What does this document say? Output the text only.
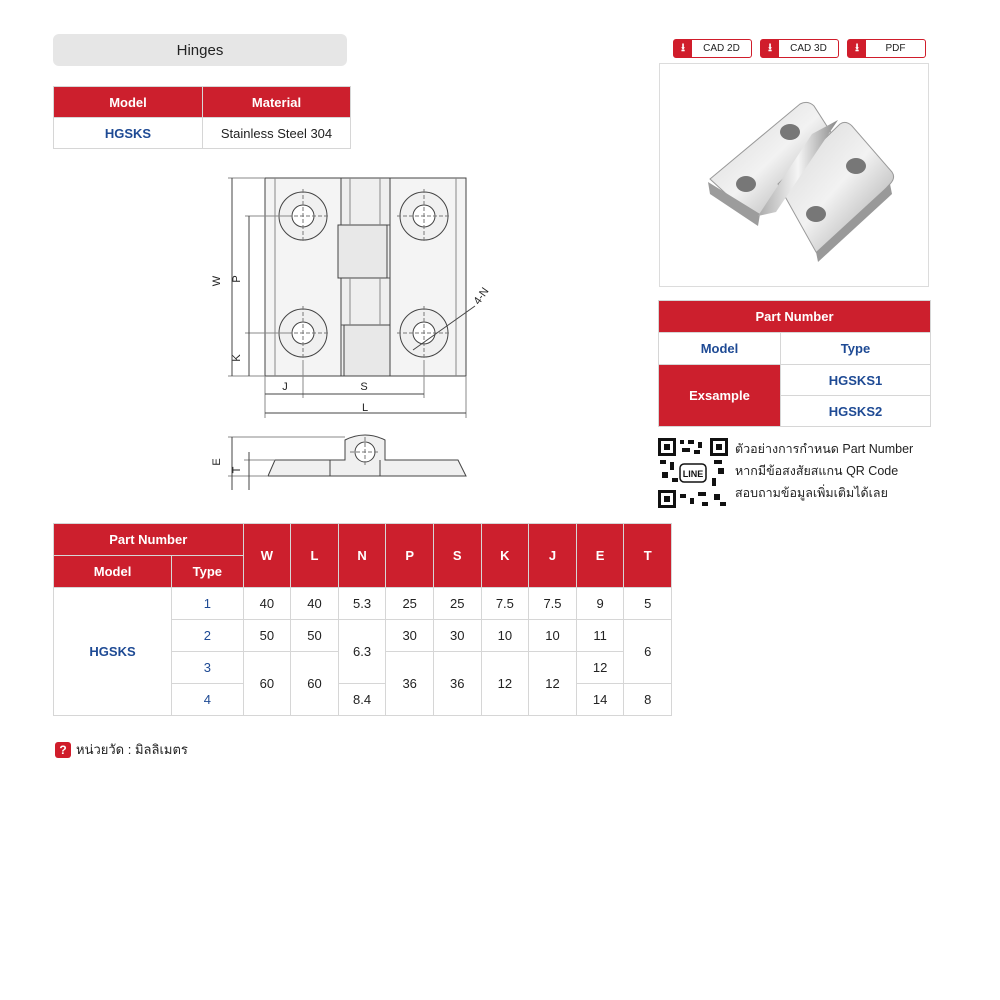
Hinges
Model	Material
HGSKS	Stainless Steel 304
W P
K
J	S
L
4-N
E
T
⭳	CAD 2D	⭳	CAD 3D	⭳	PDF
Part Number	
Model	Type
Exsample	HGSKS1
	HGSKS2
LINE
ตัวอย่างการกำหนด Part Number
หากมีข้อสงสัยสแกน QR Code
สอบถามข้อมูลเพิ่มเติมได้เลย
Part Number		W	L	N	P	S	K	J	E	T
Model	Type									
HGSKS	1	40	40	5.3	25	25	7.5	7.5	9	5
	2	50	50	6.3	30	30	10	10	11	6
	3	60	60		36	36	12	12	12	
	4			8.4					14	8
? หน่วยวัด : มิลลิเมตร
